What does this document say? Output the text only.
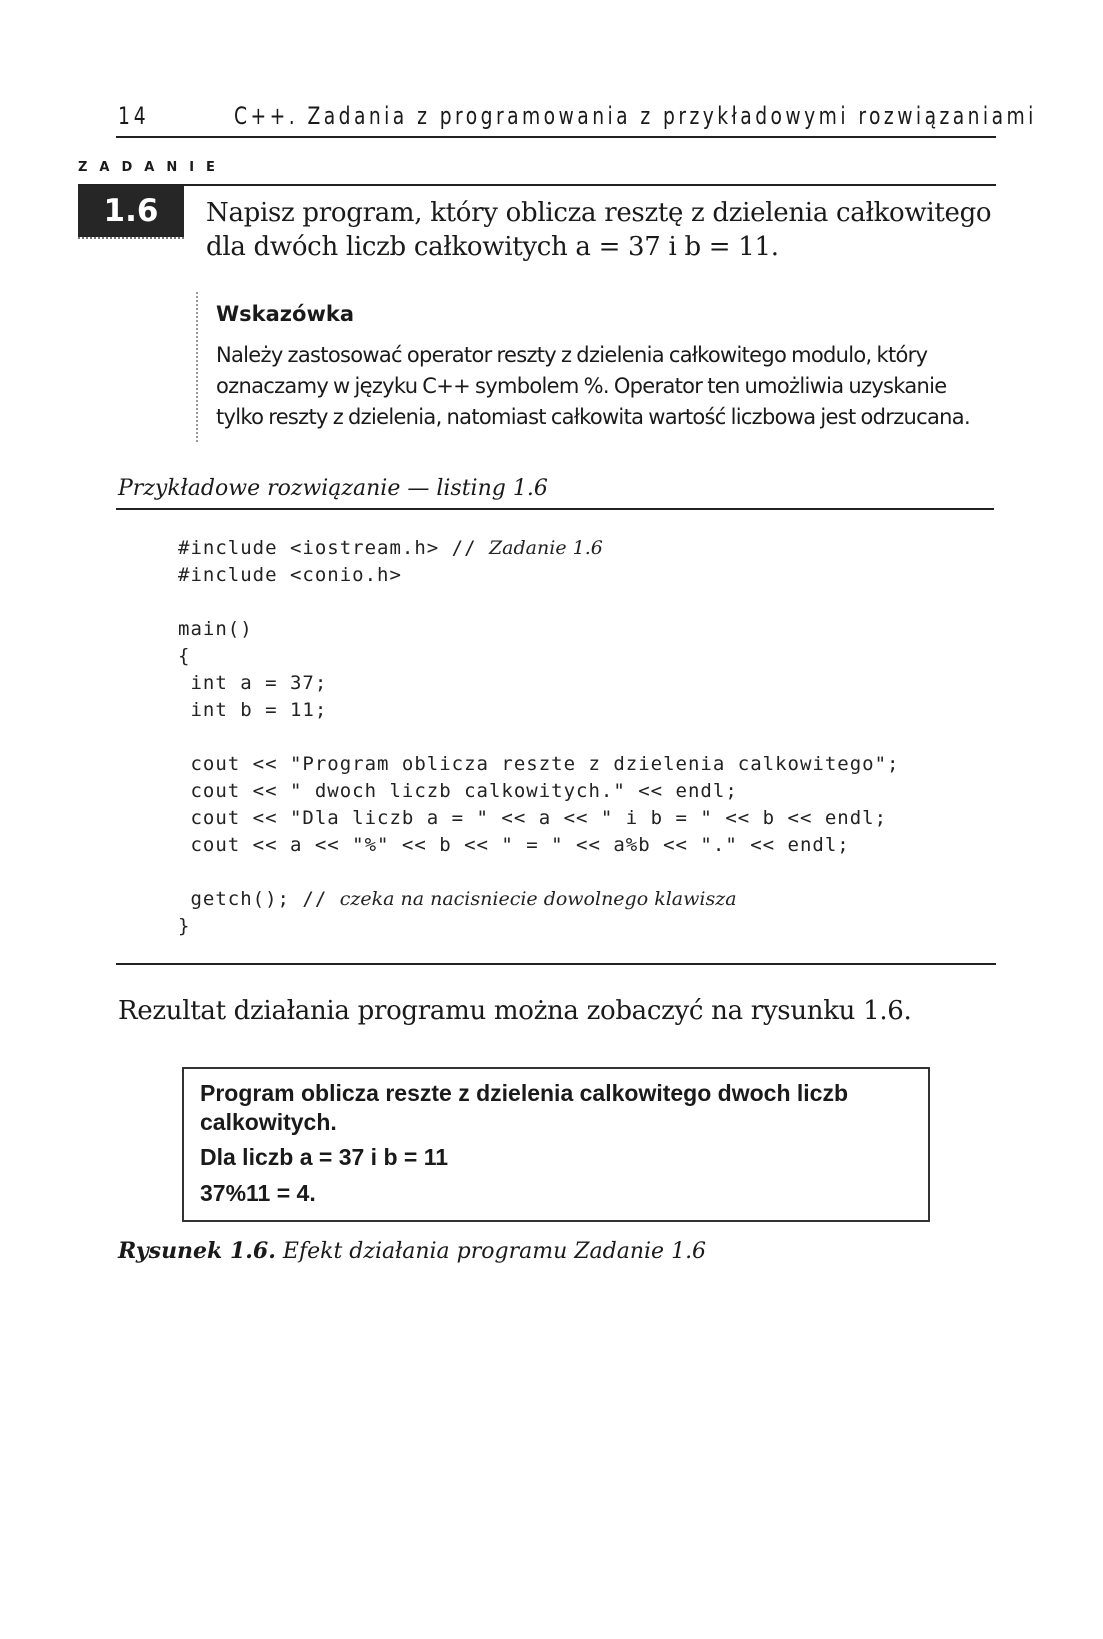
14	C++. Zadania z programowania z przykładowymi rozwiązaniami
ZADANIE
1.6	Napisz program, który oblicza resztę z dzielenia całkowitego dla dwóch liczb całkowitych a = 37 i b = 11.
Wskazówka
Należy zastosować operator reszty z dzielenia całkowitego modulo, który oznaczamy w języku C++ symbolem %. Operator ten umożliwia uzyskanie tylko reszty z dzielenia, natomiast całkowita wartość liczbowa jest odrzucana.
Przykładowe rozwiązanie — listing 1.6
#include <iostream.h> // Zadanie 1.6
#include <conio.h>
main()
{
int a = 37;
int b = 11;
cout << "Program oblicza reszte z dzielenia calkowitego";
cout << " dwoch liczb calkowitych." << endl;
cout << "Dla liczb a = " << a << " i b = " << b << endl;
cout << a << "%" << b << " = " << a%b << "." << endl;
getch(); // czeka na nacisniecie dowolnego klawisza
}
Rezultat działania programu można zobaczyć na rysunku 1.6.
Program oblicza reszte z dzielenia calkowitego dwoch liczb calkowitych.
Dla liczb a = 37 i b = 11
37%11 = 4.
Rysunek 1.6. Efekt działania programu Zadanie 1.6
